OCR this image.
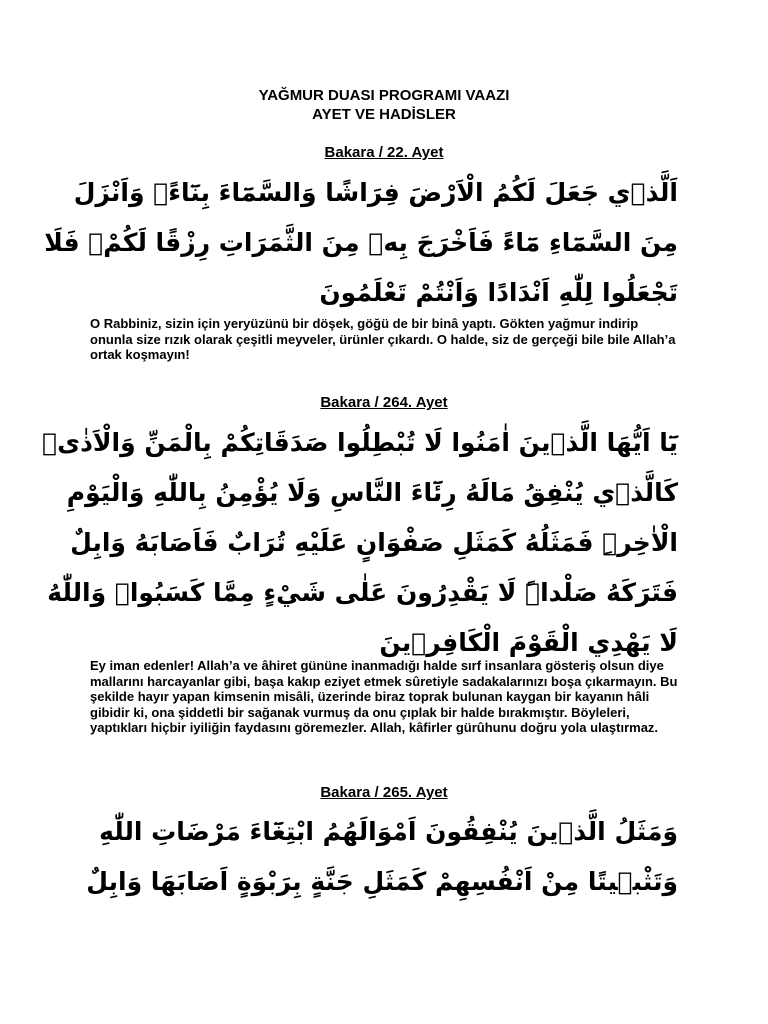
YAĞMUR DUASI PROGRAMI VAAZI
AYET VE HADİSLER
Bakara / 22. Ayet
اَلَّذ۪ي جَعَلَ لَكُمُ الْاَرْضَ فِرَاشًا وَالسَّمَٓاءَ بِنَٓاءًۖ وَاَنْزَلَ
مِنَ السَّمَٓاءِ مَٓاءً فَاَخْرَجَ بِه۪ مِنَ الثَّمَرَاتِ رِزْقًا لَكُمْۚ فَلَا
تَجْعَلُوا لِلّٰهِ اَنْدَادًا وَاَنْتُمْ تَعْلَمُونَ

O Rabbiniz, sizin için yeryüzünü bir döşek, göğü de bir binâ yaptı. Gökten yağmur indirip onunla size rızık olarak çeşitli meyveler, ürünler çıkardı. O halde, siz de gerçeği bile bile Allah’a ortak koşmayın!

Bakara / 264. Ayet
يَٓا اَيُّهَا الَّذ۪ينَ اٰمَنُوا لَا تُبْطِلُوا صَدَقَاتِكُمْ بِالْمَنِّ وَالْاَذٰىۙ
كَالَّذ۪ي يُنْفِقُ مَالَهُ رِئَٓاءَ النَّاسِ وَلَا يُؤْمِنُ بِاللّٰهِ وَالْيَوْمِ
الْاٰخِرِۜ فَمَثَلُهُ كَمَثَلِ صَفْوَانٍ عَلَيْهِ تُرَابٌ فَاَصَابَهُ وَابِلٌ
فَتَرَكَهُ صَلْداًۜ لَا يَقْدِرُونَ عَلٰى شَيْءٍ مِمَّا كَسَبُواۜ وَاللّٰهُ
لَا يَهْدِي الْقَوْمَ الْكَافِر۪ينَ

Ey iman edenler! Allah’a ve âhiret gününe inanmadığı halde sırf insanlara gösteriş olsun diye mallarını harcayanlar gibi, başa kakıp eziyet etmek sûretiyle sadakalarınızı boşa çıkarmayın. Bu şekilde hayır yapan kimsenin misâli, üzerinde biraz toprak bulunan kaygan bir kayanın hâli gibidir ki, ona şiddetli bir sağanak vurmuş da onu çıplak bir halde bırakmıştır. Böyleleri, yaptıkları hiçbir iyiliğin faydasını göremezler. Allah, kâfirler gürûhunu doğru yola ulaştırmaz.

Bakara / 265. Ayet
وَمَثَلُ الَّذ۪ينَ يُنْفِقُونَ اَمْوَالَهُمُ ابْتِغَٓاءَ مَرْضَاتِ اللّٰهِ
وَتَثْب۪يتًا مِنْ اَنْفُسِهِمْ كَمَثَلِ جَنَّةٍ بِرَبْوَةٍ اَصَابَهَا وَابِلٌ
